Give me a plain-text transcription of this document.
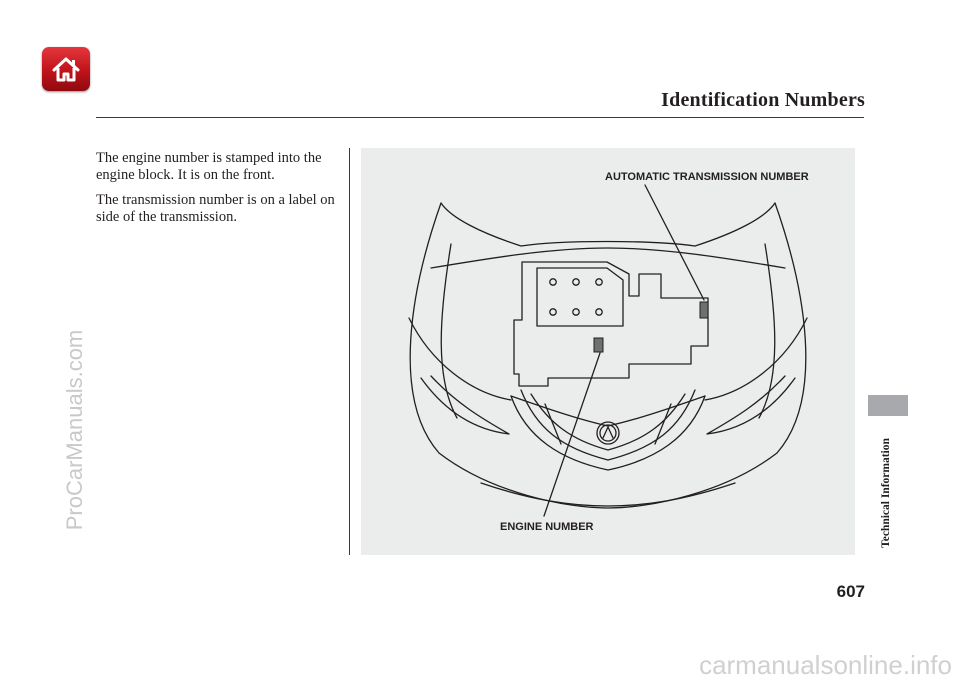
Identification Numbers

The engine number is stamped into the engine block. It is on the front.

The transmission number is on a label on side of the transmission.

AUTOMATIC TRANSMISSION NUMBER
ENGINE NUMBER	Technical Information
607
ProCarManuals.com
carmanualsonline.info
